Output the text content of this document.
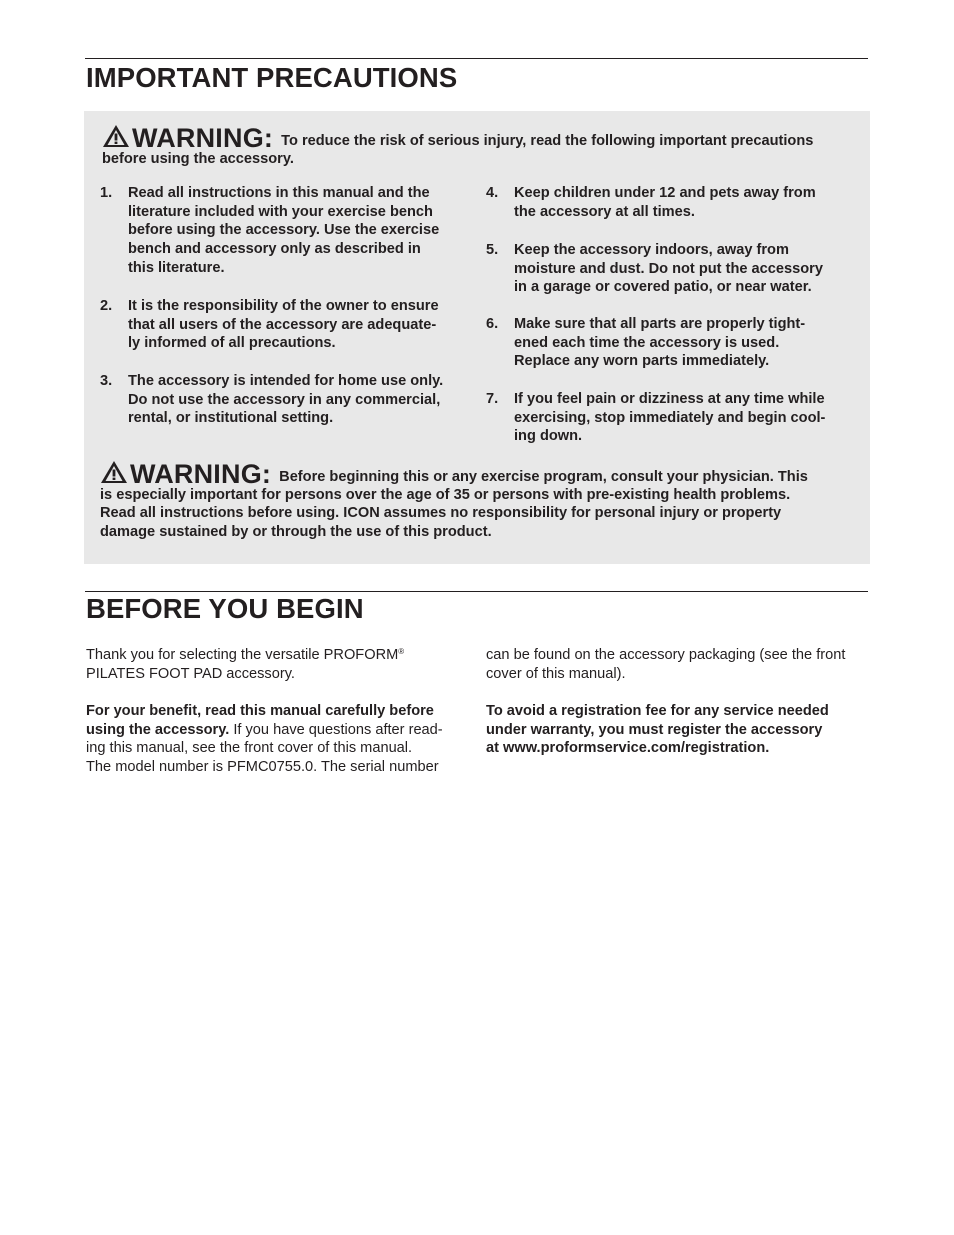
IMPORTANT PRECAUTIONS
WARNING: To reduce the risk of serious injury, read the following important precautions
before using the accessory.
1. Read all instructions in this manual and the
literature included with your exercise bench
before using the accessory. Use the exercise
bench and accessory only as described in
this literature.
2. It is the responsibility of the owner to ensure
that all users of the accessory are adequate-
ly informed of all precautions.
3. The accessory is intended for home use only.
Do not use the accessory in any commercial,
rental, or institutional setting.
4. Keep children under 12 and pets away from
the accessory at all times.
5. Keep the accessory indoors, away from
moisture and dust. Do not put the accessory
in a garage or covered patio, or near water.
6. Make sure that all parts are properly tight-
ened each time the accessory is used.
Replace any worn parts immediately.
7. If you feel pain or dizziness at any time while
exercising, stop immediately and begin cool-
ing down.
WARNING: Before beginning this or any exercise program, consult your physician. This
is especially important for persons over the age of 35 or persons with pre-existing health problems.
Read all instructions before using. ICON assumes no responsibility for personal injury or property
damage sustained by or through the use of this product.
BEFORE YOU BEGIN
Thank you for selecting the versatile PROFORM®
PILATES FOOT PAD accessory.
For your benefit, read this manual carefully before
using the accessory. If you have questions after read-
ing this manual, see the front cover of this manual.
The model number is PFMC0755.0. The serial number
can be found on the accessory packaging (see the front
cover of this manual).
To avoid a registration fee for any service needed
under warranty, you must register the accessory
at www.proformservice.com/registration.
